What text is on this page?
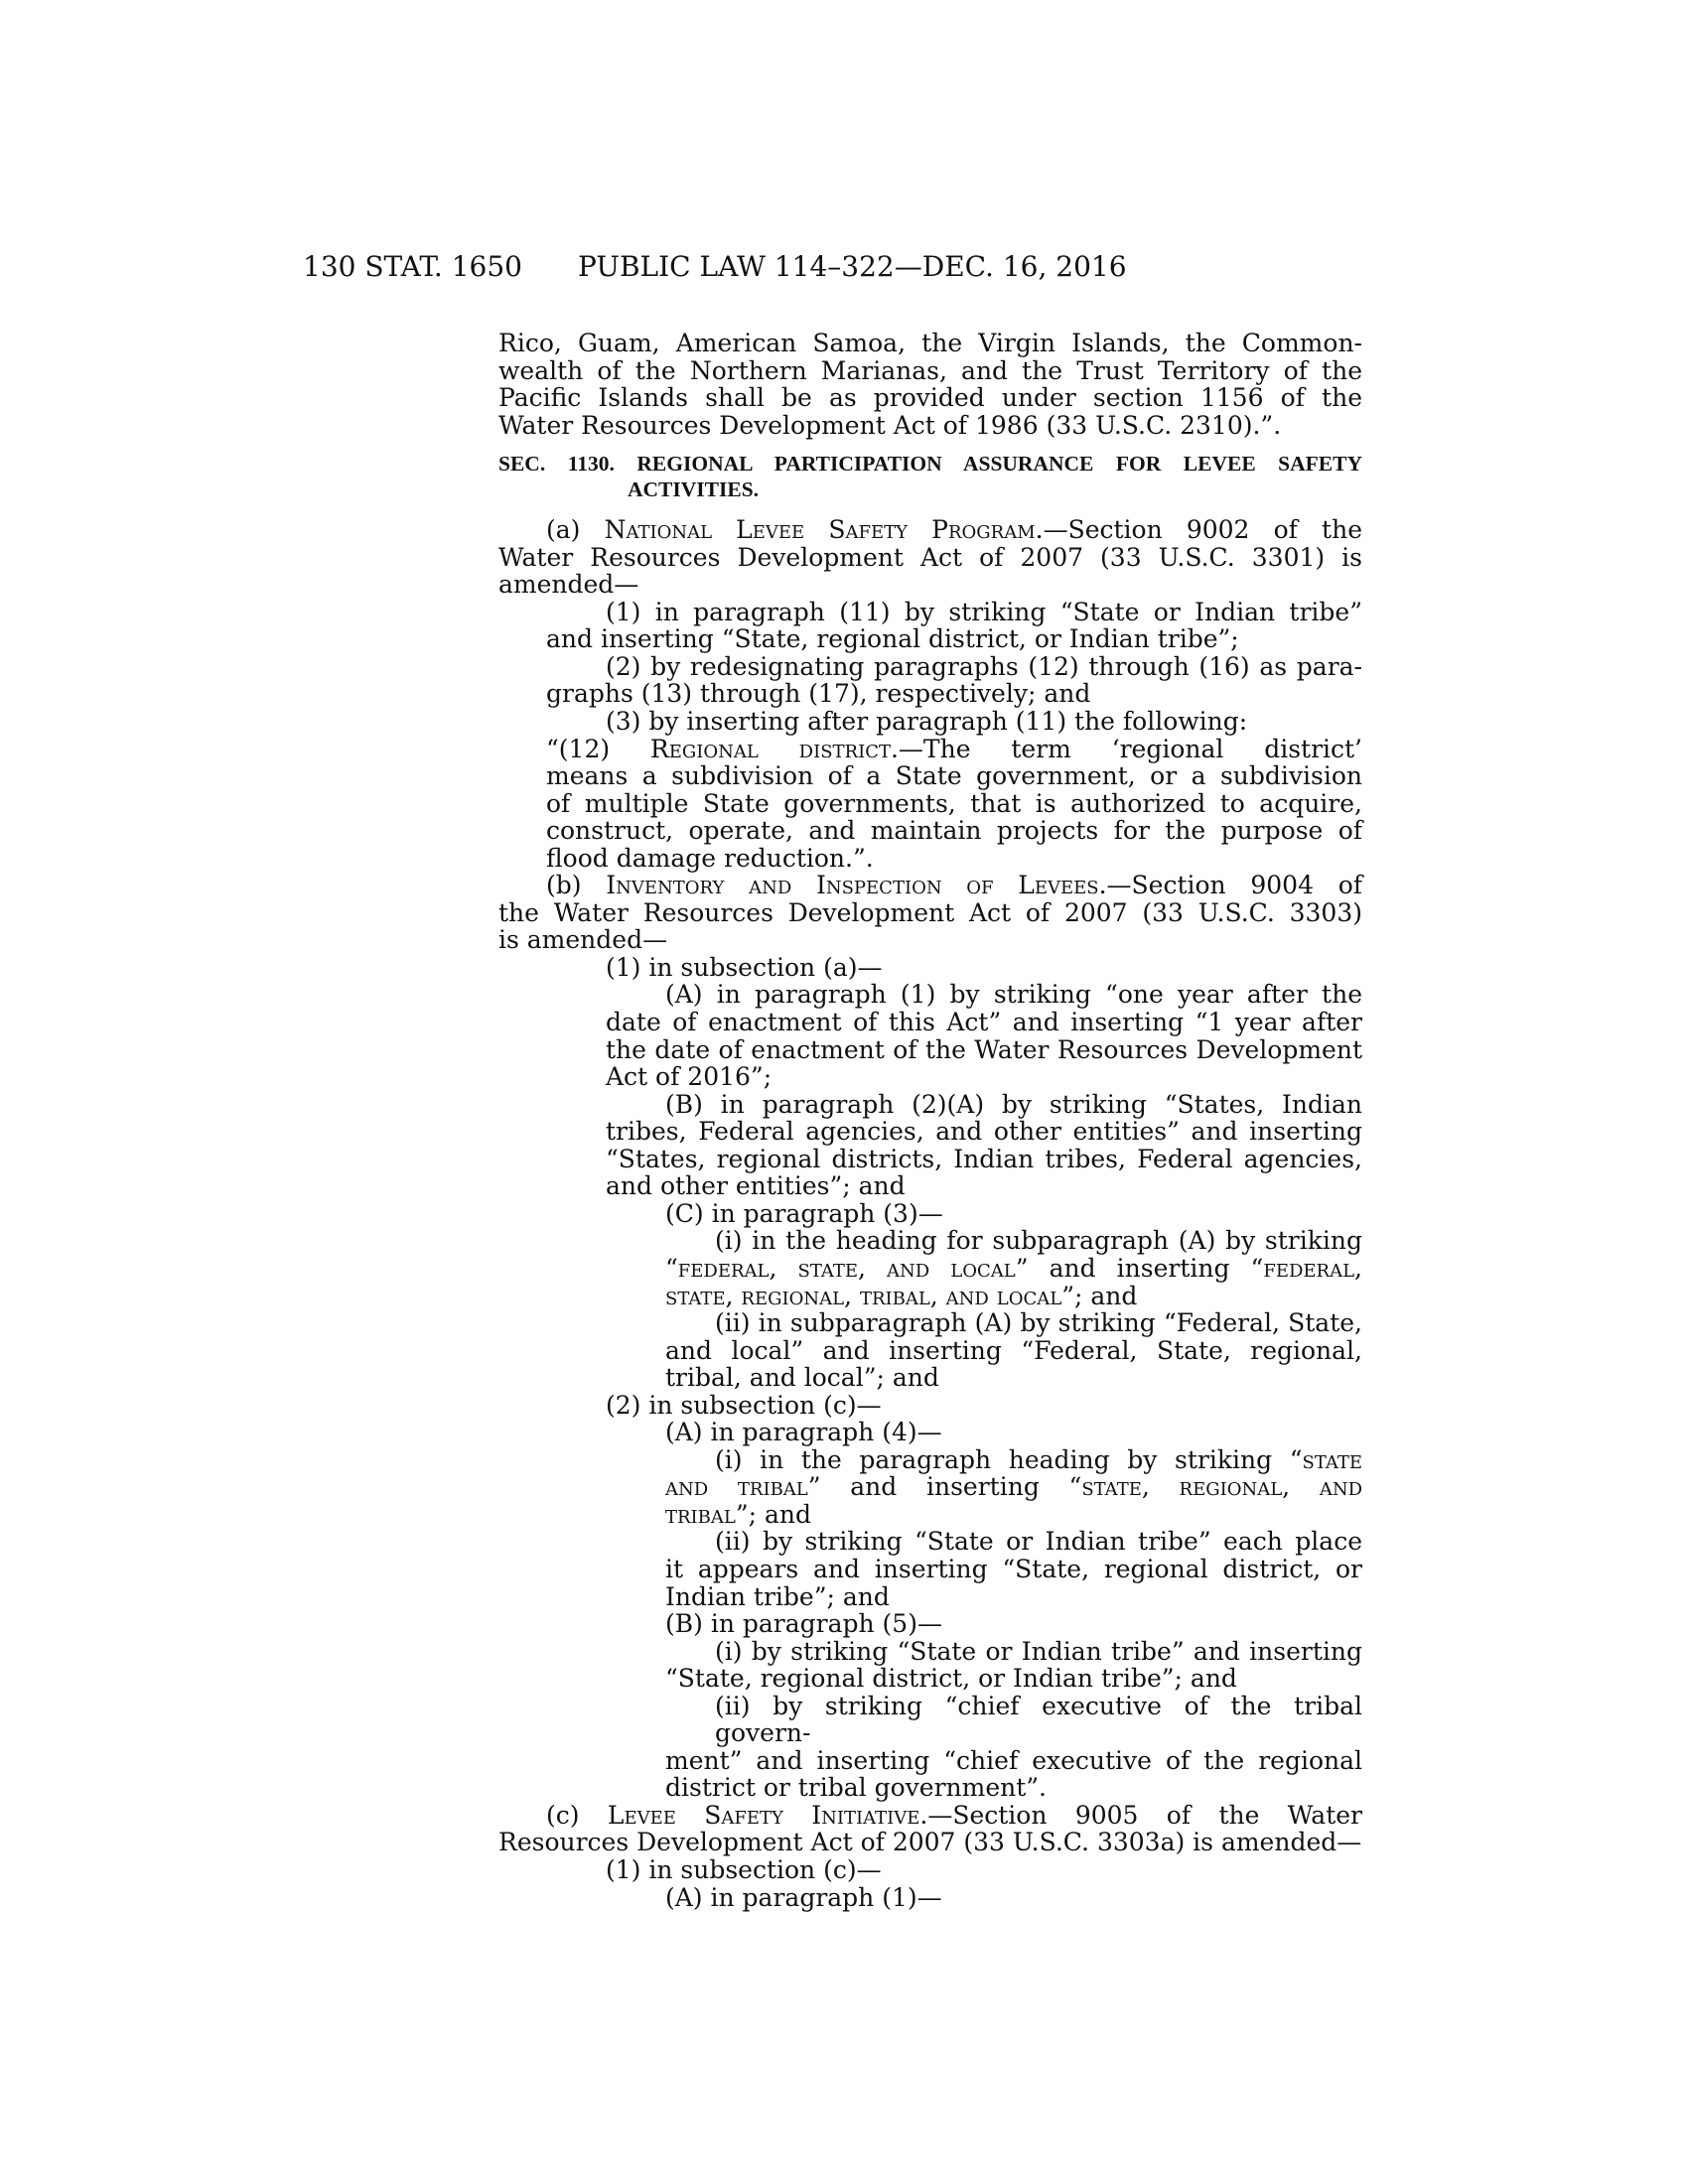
130 STAT. 1650 PUBLIC LAW 114–322—DEC. 16, 2016
Rico, Guam, American Samoa, the Virgin Islands, the Common-
wealth of the Northern Marianas, and the Trust Territory of the
Pacific Islands shall be as provided under section 1156 of the
Water Resources Development Act of 1986 (33 U.S.C. 2310).”.
SEC. 1130. REGIONAL PARTICIPATION ASSURANCE FOR LEVEE SAFETY
ACTIVITIES.
(a) National Levee Safety Program.—Section 9002 of the
Water Resources Development Act of 2007 (33 U.S.C. 3301) is
amended—
(1) in paragraph (11) by striking “State or Indian tribe”
and inserting “State, regional district, or Indian tribe”;
(2) by redesignating paragraphs (12) through (16) as para-
graphs (13) through (17), respectively; and
(3) by inserting after paragraph (11) the following:
“(12) Regional district.—The term ‘regional district’
means a subdivision of a State government, or a subdivision
of multiple State governments, that is authorized to acquire,
construct, operate, and maintain projects for the purpose of
flood damage reduction.”.
(b) Inventory and Inspection of Levees.—Section 9004 of
the Water Resources Development Act of 2007 (33 U.S.C. 3303)
is amended—
(1) in subsection (a)—
(A) in paragraph (1) by striking “one year after the
date of enactment of this Act” and inserting “1 year after
the date of enactment of the Water Resources Development
Act of 2016”;
(B) in paragraph (2)(A) by striking “States, Indian
tribes, Federal agencies, and other entities” and inserting
“States, regional districts, Indian tribes, Federal agencies,
and other entities”; and
(C) in paragraph (3)—
(i) in the heading for subparagraph (A) by striking
“federal, state, and local” and inserting “federal,
state, regional, tribal, and local”; and
(ii) in subparagraph (A) by striking “Federal, State,
and local” and inserting “Federal, State, regional,
tribal, and local”; and
(2) in subsection (c)—
(A) in paragraph (4)—
(i) in the paragraph heading by striking “state
and tribal” and inserting “state, regional, and
tribal”; and
(ii) by striking “State or Indian tribe” each place
it appears and inserting “State, regional district, or
Indian tribe”; and
(B) in paragraph (5)—
(i) by striking “State or Indian tribe” and inserting
“State, regional district, or Indian tribe”; and
(ii) by striking “chief executive of the tribal govern-
ment” and inserting “chief executive of the regional
district or tribal government”.
(c) Levee Safety Initiative.—Section 9005 of the Water
Resources Development Act of 2007 (33 U.S.C. 3303a) is amended—
(1) in subsection (c)—
(A) in paragraph (1)—
